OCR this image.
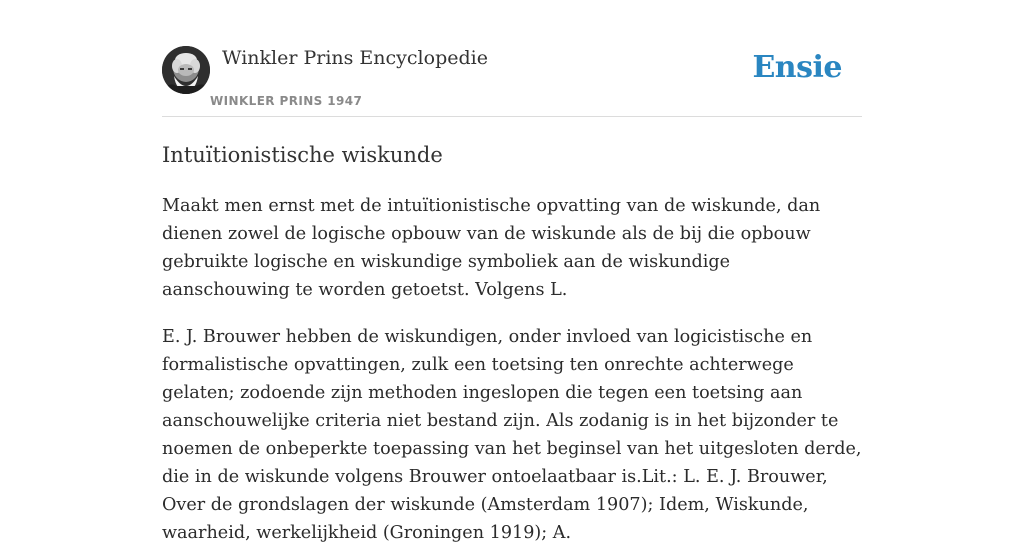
Winkler Prins Encyclopedie
WINKLER PRINS 1947
Ensie
Intuïtionistische wiskunde

Maakt men ernst met de intuïtionistische opvatting van de wiskunde, dan dienen zowel de logische opbouw van de wiskunde als de bij die opbouw gebruikte logische en wiskundige symboliek aan de wiskundige aanschouwing te worden getoetst. Volgens L.

E. J. Brouwer hebben de wiskundigen, onder invloed van logicistische en formalistische opvattingen, zulk een toetsing ten onrechte achterwege gelaten; zodoende zijn methoden ingeslopen die tegen een toetsing aan aanschouwelijke criteria niet bestand zijn. Als zodanig is in het bijzonder te noemen de onbeperkte toepassing van het beginsel van het uitgesloten derde, die in de wiskunde volgens Brouwer ontoelaatbaar is.Lit.: L. E. J. Brouwer, Over de grondslagen der wiskunde (Amsterdam 1907); Idem, Wiskunde, waarheid, werkelijkheid (Groningen 1919); A.
